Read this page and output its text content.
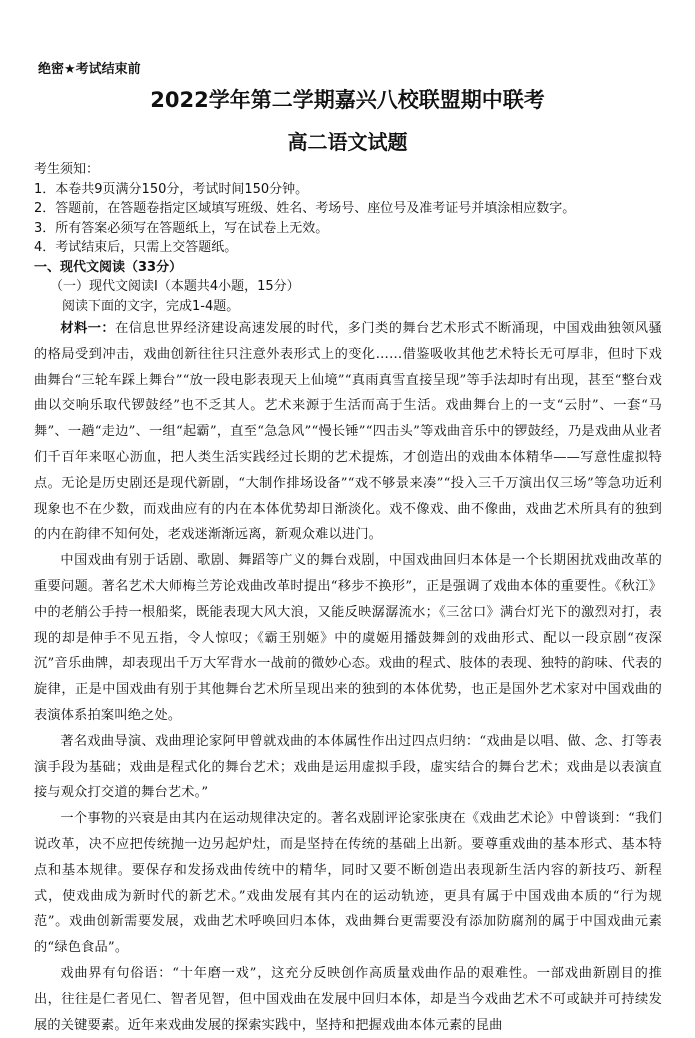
绝密★考试结束前
2022学年第二学期嘉兴八校联盟期中联考
高二语文试题
考生须知：
1．本卷共9页满分150分，考试时间150分钟。
2．答题前，在答题卷指定区域填写班级、姓名、考场号、座位号及准考证号并填涂相应数字。
3．所有答案必须写在答题纸上，写在试卷上无效。
4．考试结束后，只需上交答题纸。
一、现代文阅读（33分）
（一）现代文阅读Ⅰ（本题共4小题，15分）
阅读下面的文字，完成1-4题。

材料一：在信息世界经济建设高速发展的时代，多门类的舞台艺术形式不断涌现，中国戏曲独领风骚的格局受到冲击，戏曲创新往往只注意外表形式上的变化……借鉴吸收其他艺术特长无可厚非，但时下戏曲舞台“三轮车踩上舞台”“放一段电影表现天上仙境”“真雨真雪直接呈现”等手法却时有出现，甚至“整台戏曲以交响乐取代锣鼓经”也不乏其人。艺术来源于生活而高于生活。戏曲舞台上的一支“云肘”、一套“马舞”、一趟“走边”、一组“起霸”，直至“急急风”“慢长锤”“四击头”等戏曲音乐中的锣鼓经，乃是戏曲从业者们千百年来呕心沥血，把人类生活实践经过长期的艺术提炼，才创造出的戏曲本体精华——写意性虚拟特点。无论是历史剧还是现代新剧，“大制作排场设备”“戏不够景来凑”“投入三千万演出仅三场”等急功近利现象也不在少数，而戏曲应有的内在本体优势却日渐淡化。戏不像戏、曲不像曲，戏曲艺术所具有的独到的内在韵律不知何处，老戏迷渐渐远离，新观众难以进门。

中国戏曲有别于话剧、歌剧、舞蹈等广义的舞台戏剧，中国戏曲回归本体是一个长期困扰戏曲改革的重要问题。著名艺术大师梅兰芳论戏曲改革时提出“移步不换形”，正是强调了戏曲本体的重要性。《秋江》中的老艄公手持一根船桨，既能表现大风大浪，又能反映潺潺流水；《三岔口》满台灯光下的激烈对打，表现的却是伸手不见五指，令人惊叹；《霸王别姬》中的虞姬用播鼓舞剑的戏曲形式、配以一段京剧“夜深沉”音乐曲牌，却表现出千万大军背水一战前的微妙心态。戏曲的程式、肢体的表现、独特的韵味、代表的旋律，正是中国戏曲有别于其他舞台艺术所呈现出来的独到的本体优势，也正是国外艺术家对中国戏曲的表演体系拍案叫绝之处。

著名戏曲导演、戏曲理论家阿甲曾就戏曲的本体属性作出过四点归纳：“戏曲是以唱、做、念、打等表演手段为基础；戏曲是程式化的舞台艺术；戏曲是运用虚拟手段，虚实结合的舞台艺术；戏曲是以表演直接与观众打交道的舞台艺术。”

一个事物的兴衰是由其内在运动规律决定的。著名戏剧评论家张庚在《戏曲艺术论》中曾谈到：“我们说改革，决不应把传统抛一边另起炉灶，而是坚持在传统的基础上出新。要尊重戏曲的基本形式、基本特点和基本规律。要保存和发扬戏曲传统中的精华，同时又要不断创造出表现新生活内容的新技巧、新程式，使戏曲成为新时代的新艺术。”戏曲发展有其内在的运动轨迹，更具有属于中国戏曲本质的“行为规范”。戏曲创新需要发展，戏曲艺术呼唤回归本体，戏曲舞台更需要没有添加防腐剂的属于中国戏曲元素的“绿色食品”。

戏曲界有句俗语：“十年磨一戏”，这充分反映创作高质量戏曲作品的艰难性。一部戏曲新剧目的推出，往往是仁者见仁、智者见智，但中国戏曲在发展中回归本体，却是当今戏曲艺术不可或缺并可持续发展的关键要素。近年来戏曲发展的探索实践中，坚持和把握戏曲本体元素的昆曲
